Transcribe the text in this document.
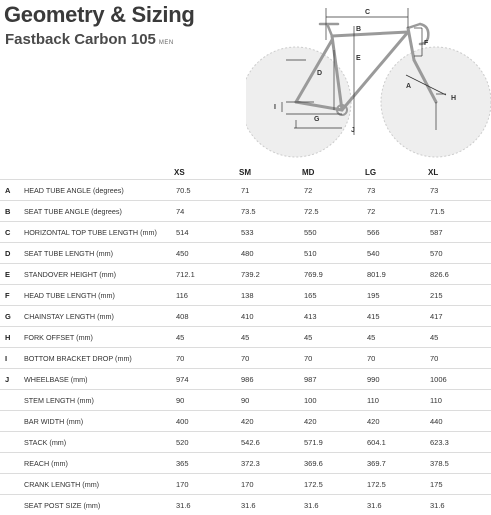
Geometry & Sizing
Fastback Carbon 105 MEN
C
B
F
E
D
A
H
I
G
J
		XS	SM	MD	LG	XL
A	HEAD TUBE ANGLE (degrees)	70.5	71	72	73	73
B	SEAT TUBE ANGLE (degrees)	74	73.5	72.5	72	71.5
C	HORIZONTAL TOP TUBE LENGTH (mm)	514	533	550	566	587
D	SEAT TUBE LENGTH (mm)	450	480	510	540	570
E	STANDOVER HEIGHT (mm)	712.1	739.2	769.9	801.9	826.6
F	HEAD TUBE LENGTH (mm)	116	138	165	195	215
G	CHAINSTAY LENGTH (mm)	408	410	413	415	417
H	FORK OFFSET (mm)	45	45	45	45	45
I	BOTTOM BRACKET DROP (mm)	70	70	70	70	70
J	WHEELBASE (mm)	974	986	987	990	1006
	STEM LENGTH (mm)	90	90	100	110	110
	BAR WIDTH (mm)	400	420	420	420	440
	STACK (mm)	520	542.6	571.9	604.1	623.3
	REACH (mm)	365	372.3	369.6	369.7	378.5
	CRANK LENGTH (mm)	170	170	172.5	172.5	175
	SEAT POST SIZE (mm)	31.6	31.6	31.6	31.6	31.6
